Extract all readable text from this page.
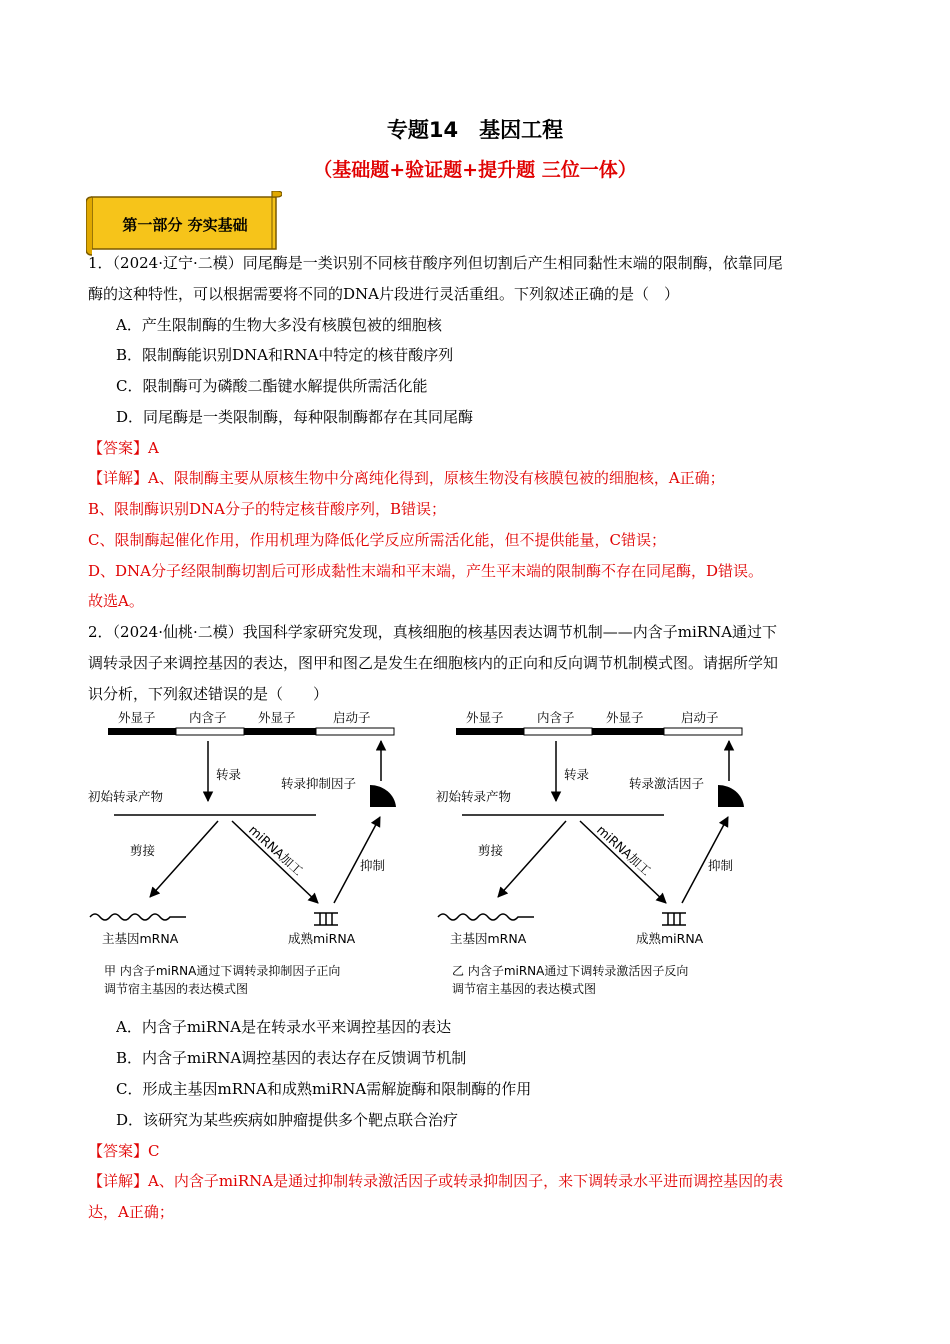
专题14　基因工程
（基础题+验证题+提升题 三位一体）
第一部分 夯实基础
1．（2024·辽宁·二模）同尾酶是一类识别不同核苷酸序列但切割后产生相同黏性末端的限制酶，依靠同尾
酶的这种特性，可以根据需要将不同的DNA片段进行灵活重组。下列叙述正确的是（　）
A．产生限制酶的生物大多没有核膜包被的细胞核
B．限制酶能识别DNA和RNA中特定的核苷酸序列
C．限制酶可为磷酸二酯键水解提供所需活化能
D．同尾酶是一类限制酶，每种限制酶都存在其同尾酶
【答案】A
【详解】A、限制酶主要从原核生物中分离纯化得到，原核生物没有核膜包被的细胞核，A正确；
B、限制酶识别DNA分子的特定核苷酸序列，B错误；
C、限制酶起催化作用，作用机理为降低化学反应所需活化能，但不提供能量，C错误；
D、DNA分子经限制酶切割后可形成黏性末端和平末端，产生平末端的限制酶不存在同尾酶，D错误。
故选A。
2．（2024·仙桃·二模）我国科学家研究发现，真核细胞的核基因表达调节机制——内含子miRNA通过下
调转录因子来调控基因的表达，图甲和图乙是发生在细胞核内的正向和反向调节机制模式图。请据所学知
识分析，下列叙述错误的是（　　）
外显子	内含子	外显子	启动子
转录
初始转录产物
转录抑制因子
剪接	miRNA加工	抑制
主基因mRNA	成熟miRNA
甲 内含子miRNA通过下调转录抑制因子正向
调节宿主基因的表达模式图
外显子	内含子	外显子	启动子
转录
初始转录产物
转录激活因子
剪接	miRNA加工	抑制
主基因mRNA	成熟miRNA
乙 内含子miRNA通过下调转录激活因子反向
调节宿主基因的表达模式图
A．内含子miRNA是在转录水平来调控基因的表达
B．内含子miRNA调控基因的表达存在反馈调节机制
C．形成主基因mRNA和成熟miRNA需解旋酶和限制酶的作用
D．该研究为某些疾病如肿瘤提供多个靶点联合治疗
【答案】C
【详解】A、内含子miRNA是通过抑制转录激活因子或转录抑制因子，来下调转录水平进而调控基因的表
达，A正确；
